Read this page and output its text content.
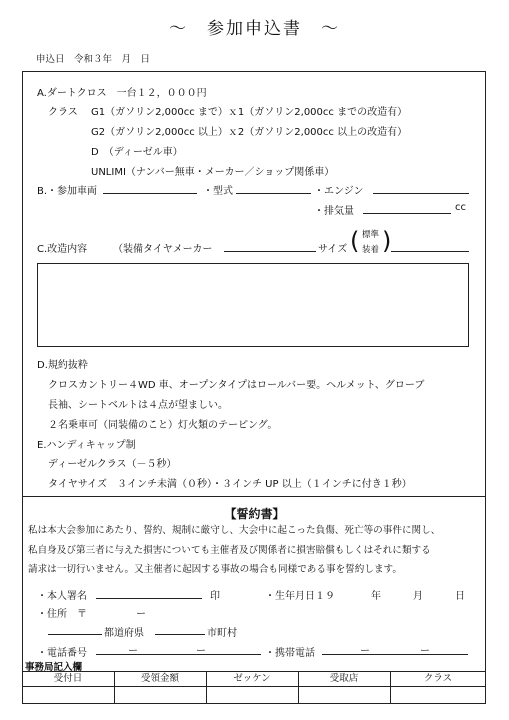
～　参加申込書　～
申込日　令和３年　月　日
A.ダートクロス　一台１２，０００円
クラス G1（ガソリン2,000cc まで）ｘ1（ガソリン2,000cc までの改造有）
G2（ガソリン2,000cc 以上）ｘ2（ガソリン2,000cc 以上の改造有）
D　（ディーゼル車）
UNLIMI（ナンバー無車・メーカー／ショップ関係車）
B.・参加車両	・型式	・エンジン
・排気量	cc
C.改造内容	（装備タイヤメーカー	サイズ ( 標準
装着 )
D.規約抜粋
クロスカントリー４WD 車、オープンタイプはロールバー要。ヘルメット、グローブ
長袖、シートベルトは４点が望ましい。
２名乗車可（同装備のこと）灯火類のテーピング。
E.ハンディキャップ制
ディーゼルクラス（－５秒）
タイヤサイズ　３インチ未満（０秒）・３インチ UP 以上（１インチに付き１秒）
【誓約書】
私は本大会参加にあたり、誓約、規制に厳守し、大会中に起こった負傷、死亡等の事件に関し、
私自身及び第三者に与えた損害についても主催者及び関係者に損害賠償もしくはそれに類する
請求は一切行いません。又主催者に起因する事故の場合も同様である事を誓約します。
・本人署名	印	・生年月日１９	年	月	日
・住所　〒	ー
都道府県	市町村
・電話番号	ー	ー	・携帯電話	ー	ー
事務局記入欄
受付日	受領金額	ゼッケン	受取店	クラス
